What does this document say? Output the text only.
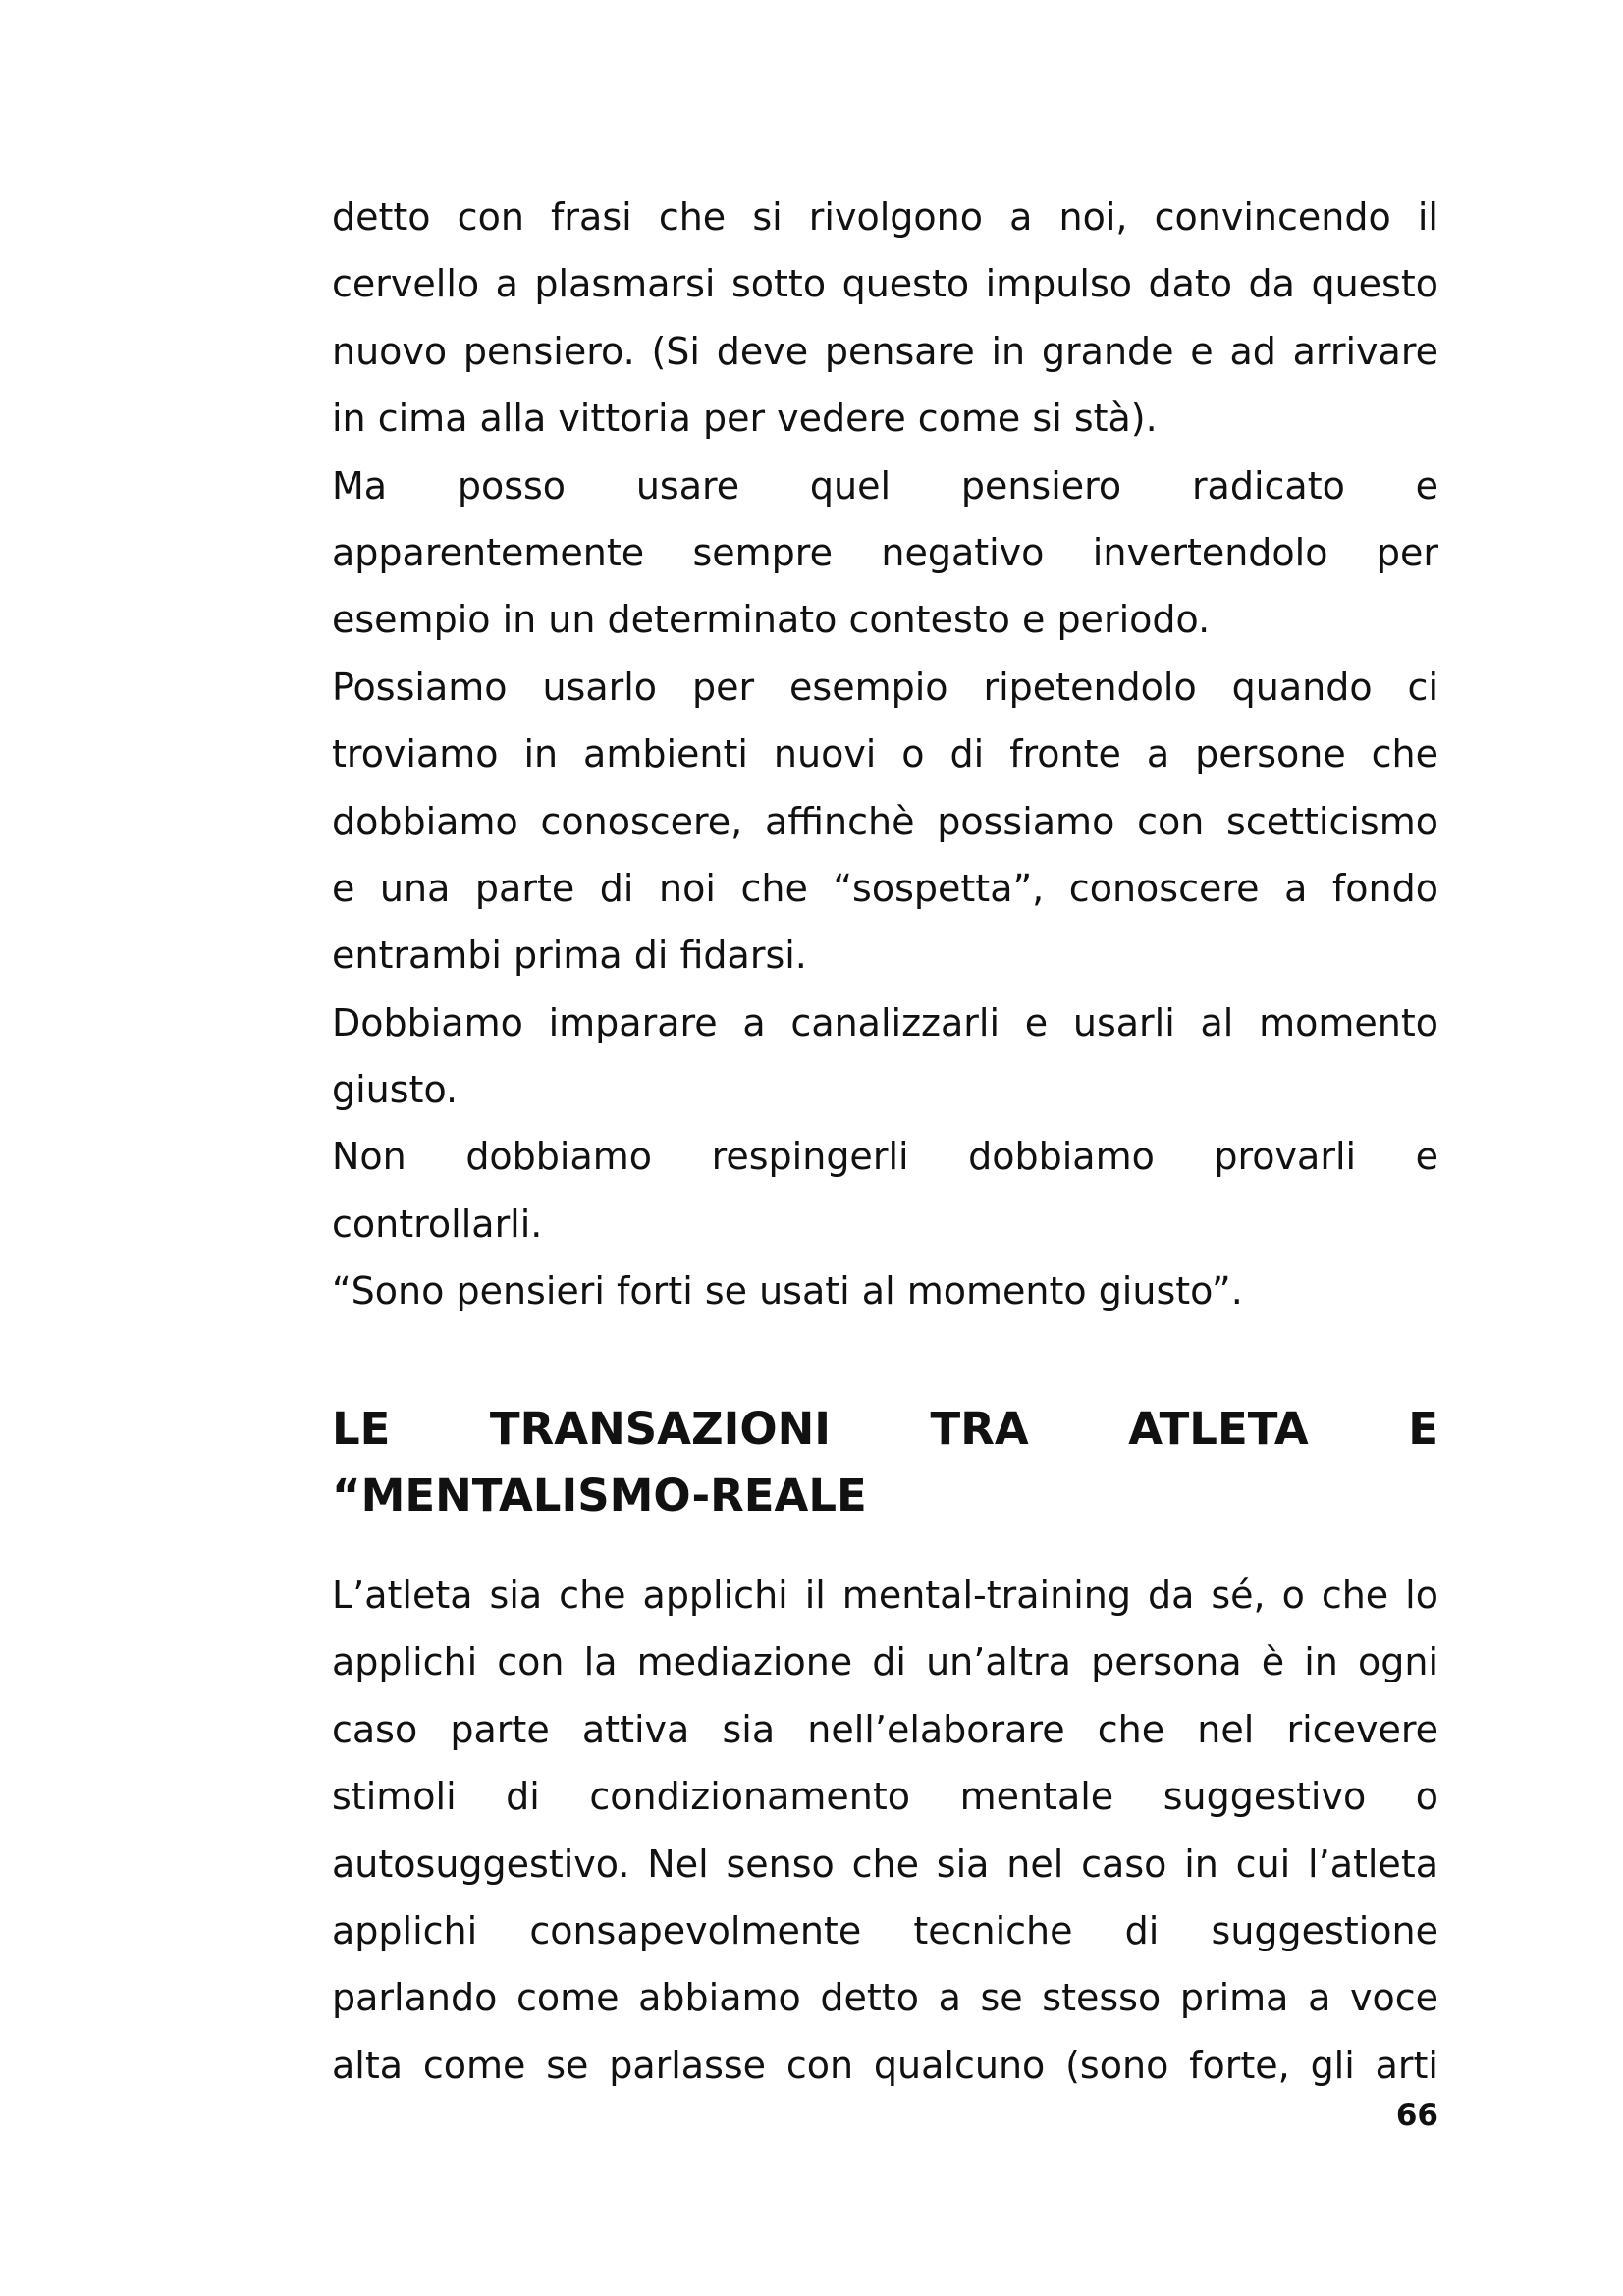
detto con frasi che si rivolgono a noi, convincendo il
cervello a plasmarsi sotto questo impulso dato da questo
nuovo pensiero. (Si deve pensare in grande e ad arrivare
in cima alla vittoria per vedere come si stà).
Ma posso usare quel pensiero radicato e
apparentemente sempre negativo invertendolo per
esempio in un determinato contesto e periodo.
Possiamo usarlo per esempio ripetendolo quando ci
troviamo in ambienti nuovi o di fronte a persone che
dobbiamo conoscere, affinchè possiamo con scetticismo
e una parte di noi che “sospetta”, conoscere a fondo
entrambi prima di fidarsi.
Dobbiamo imparare a canalizzarli e usarli al momento
giusto.
Non dobbiamo respingerli dobbiamo provarli e
controllarli.
“Sono pensieri forti se usati al momento giusto”.
LE TRANSAZIONI TRA ATLETA E
“MENTALISMO-REALE
L’atleta sia che applichi il mental-training da sé, o che lo
applichi con la mediazione di un’altra persona è in ogni
caso parte attiva sia nell’elaborare che nel ricevere
stimoli di condizionamento mentale suggestivo o
autosuggestivo. Nel senso che sia nel caso in cui l’atleta
applichi consapevolmente tecniche di suggestione
parlando come abbiamo detto a se stesso prima a voce
alta come se parlasse con qualcuno (sono forte, gli arti
66
